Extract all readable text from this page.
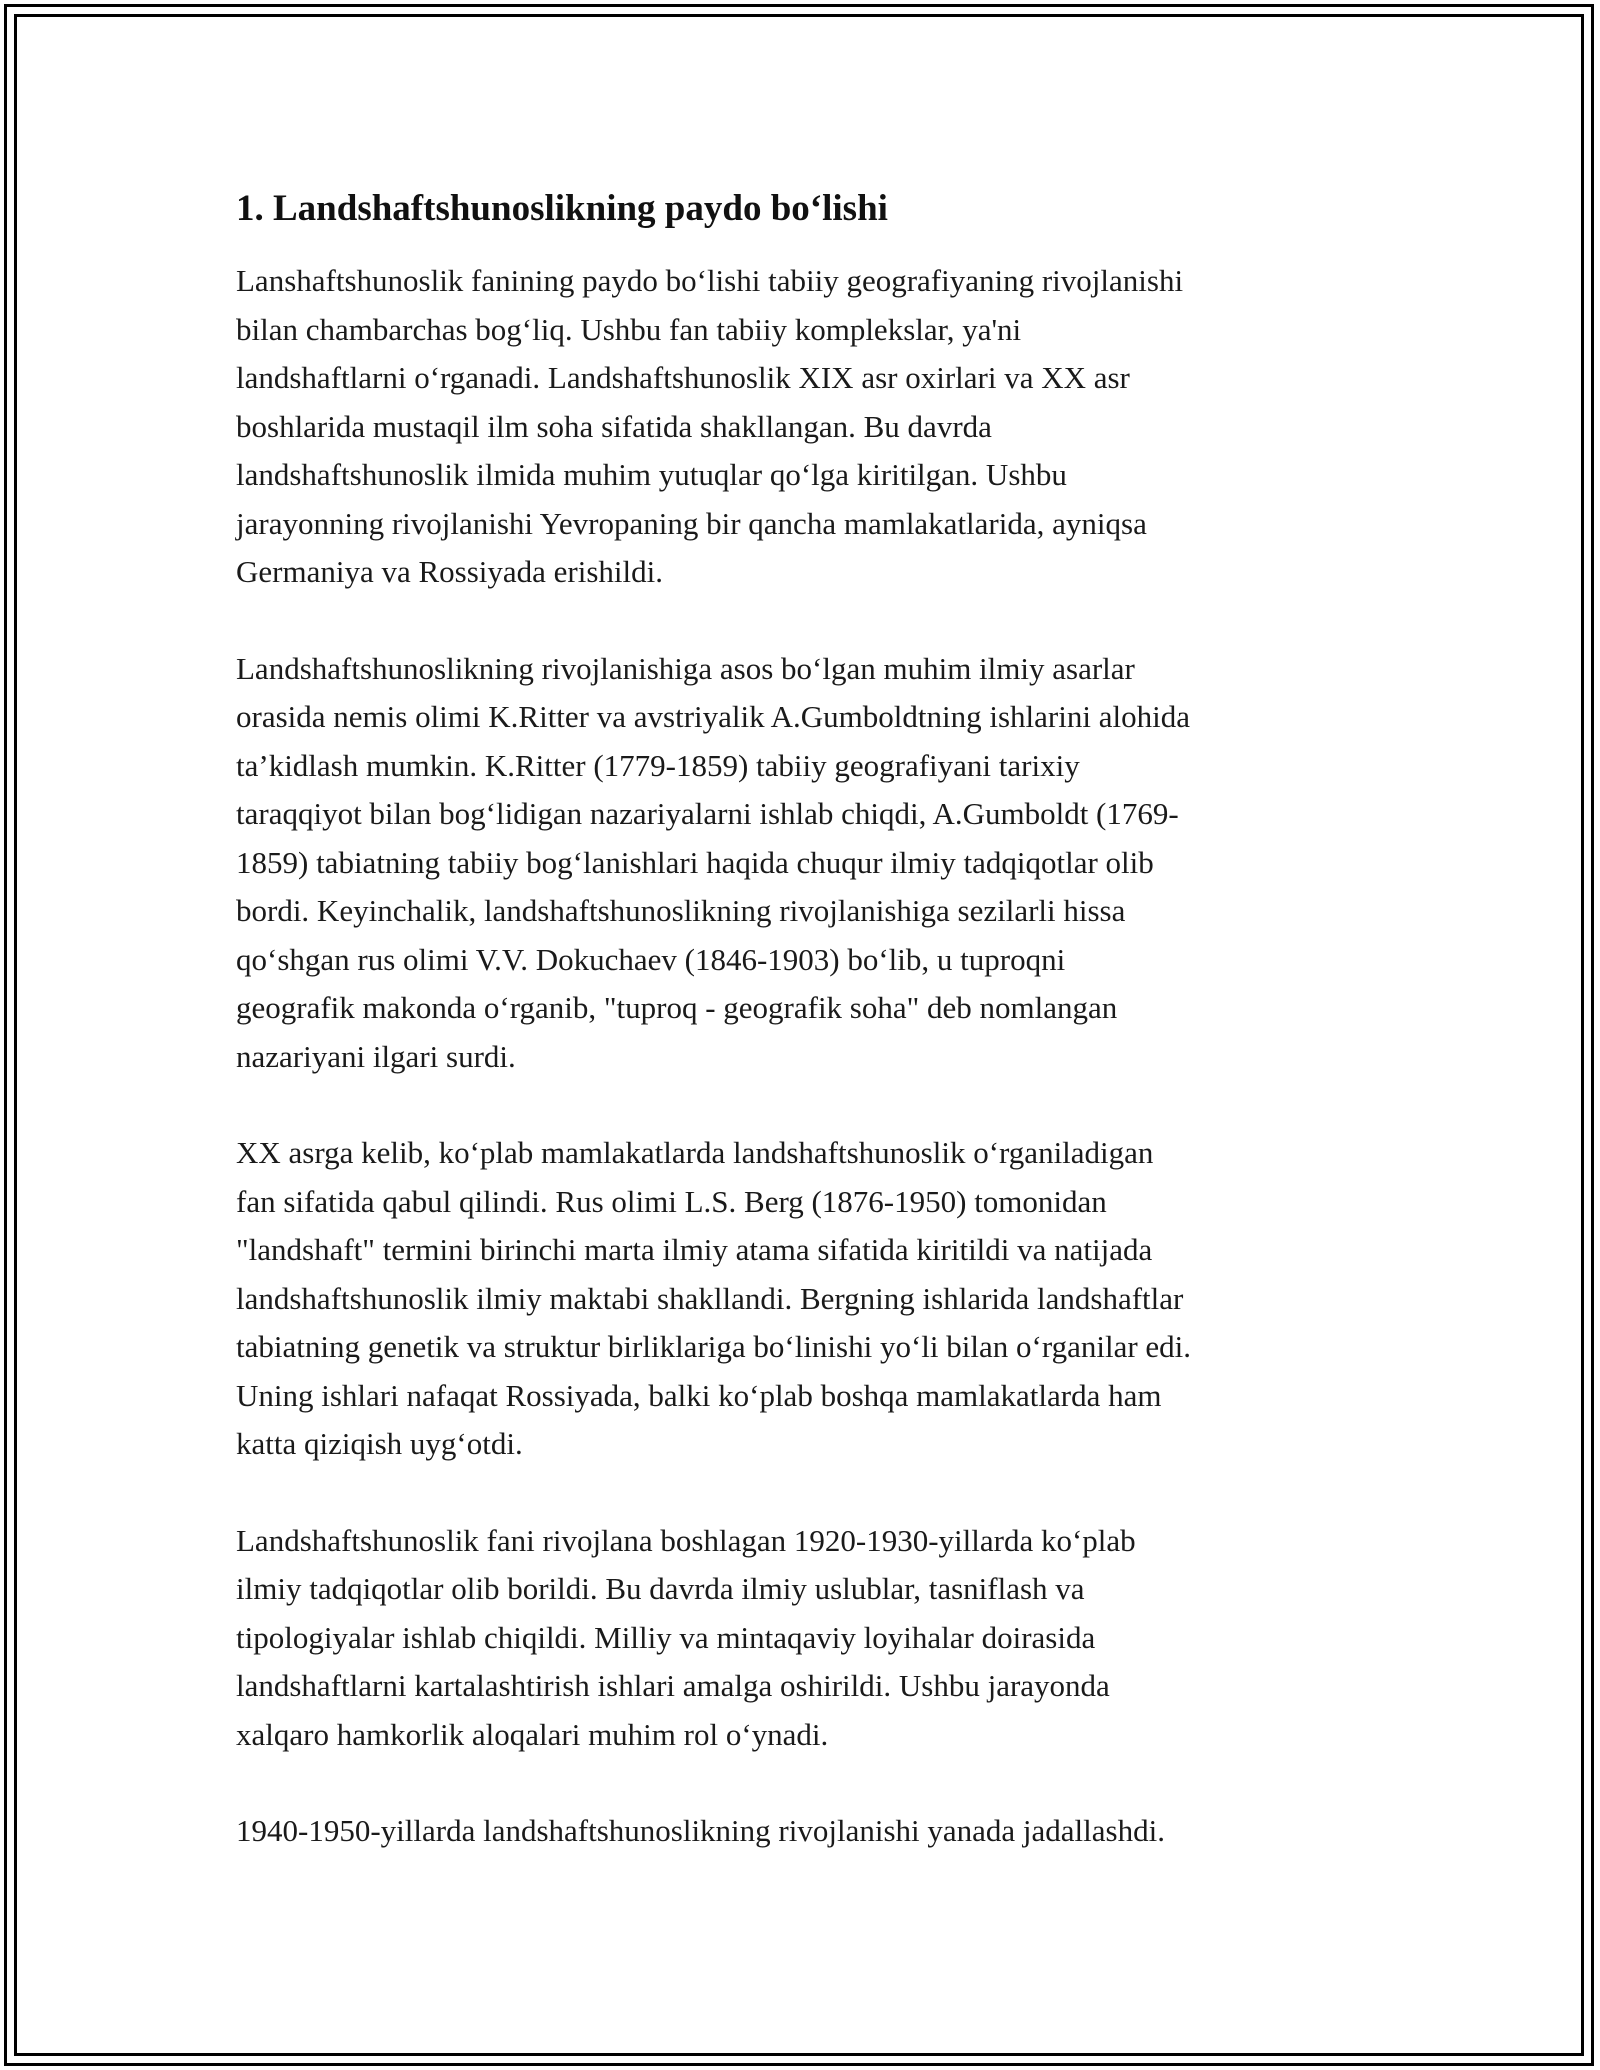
1. Landshaftshunoslikning paydo bo‘lishi

Lanshaftshunoslik fanining paydo bo‘lishi tabiiy geografiyaning rivojlanishi
bilan chambarchas bog‘liq. Ushbu fan tabiiy komplekslar, ya'ni
landshaftlarni o‘rganadi. Landshaftshunoslik XIX asr oxirlari va XX asr
boshlarida mustaqil ilm soha sifatida shakllangan. Bu davrda
landshaftshunoslik ilmida muhim yutuqlar qo‘lga kiritilgan. Ushbu
jarayonning rivojlanishi Yevropaning bir qancha mamlakatlarida, ayniqsa
Germaniya va Rossiyada erishildi.

Landshaftshunoslikning rivojlanishiga asos bo‘lgan muhim ilmiy asarlar
orasida nemis olimi K.Ritter va avstriyalik A.Gumboldtning ishlarini alohida
ta’kidlash mumkin. K.Ritter (1779-1859) tabiiy geografiyani tarixiy
taraqqiyot bilan bog‘lidigan nazariyalarni ishlab chiqdi, A.Gumboldt (1769-
1859) tabiatning tabiiy bog‘lanishlari haqida chuqur ilmiy tadqiqotlar olib
bordi. Keyinchalik, landshaftshunoslikning rivojlanishiga sezilarli hissa
qo‘shgan rus olimi V.V. Dokuchaev (1846-1903) bo‘lib, u tuproqni
geografik makonda o‘rganib, "tuproq - geografik soha" deb nomlangan
nazariyani ilgari surdi.

XX asrga kelib, ko‘plab mamlakatlarda landshaftshunoslik o‘rganiladigan
fan sifatida qabul qilindi. Rus olimi L.S. Berg (1876-1950) tomonidan
"landshaft" termini birinchi marta ilmiy atama sifatida kiritildi va natijada
landshaftshunoslik ilmiy maktabi shakllandi. Bergning ishlarida landshaftlar
tabiatning genetik va struktur birliklariga bo‘linishi yo‘li bilan o‘rganilar edi.
Uning ishlari nafaqat Rossiyada, balki ko‘plab boshqa mamlakatlarda ham
katta qiziqish uyg‘otdi.

Landshaftshunoslik fani rivojlana boshlagan 1920-1930-yillarda ko‘plab
ilmiy tadqiqotlar olib borildi. Bu davrda ilmiy uslublar, tasniflash va
tipologiyalar ishlab chiqildi. Milliy va mintaqaviy loyihalar doirasida
landshaftlarni kartalashtirish ishlari amalga oshirildi. Ushbu jarayonda
xalqaro hamkorlik aloqalari muhim rol o‘ynadi.

1940-1950-yillarda landshaftshunoslikning rivojlanishi yanada jadallashdi.
